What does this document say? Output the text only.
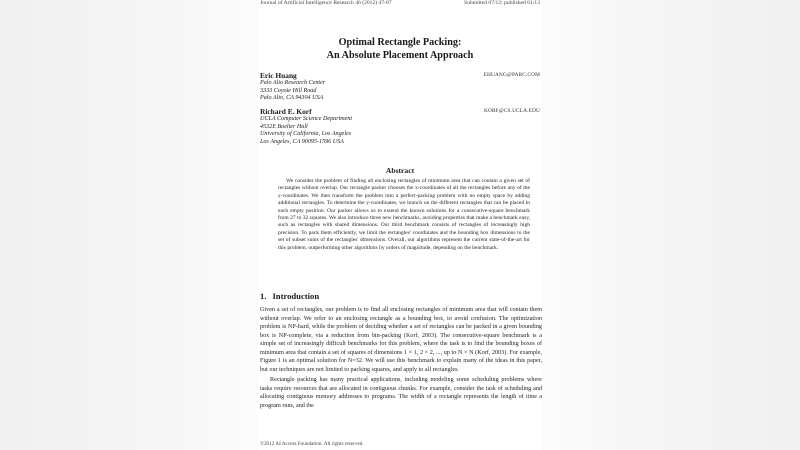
Journal of Artificial Intelligence Research 46 (2012) 47-87	Submitted 07/12; published 01/13
Optimal Rectangle Packing:
An Absolute Placement Approach
Eric Huang	EHUANG@PARC.COM
Palo Alto Research Center
3333 Coyote Hill Road
Palo Alto, CA 94304 USA
Richard E. Korf	KORF@CS.UCLA.EDU
UCLA Computer Science Department
4532E Boelter Hall
University of California, Los Angeles
Los Angeles, CA 90095-1596 USA
Abstract
We consider the problem of finding all enclosing rectangles of minimum area that can contain a given set of rectangles without overlap. Our rectangle packer chooses the x-coordinates of all the rectangles before any of the y-coordinates. We then transform the problem into a perfect-packing problem with no empty space by adding additional rectangles. To determine the y-coordinates, we branch on the different rectangles that can be placed in each empty position. Our packer allows us to extend the known solutions for a consecutive-square benchmark from 27 to 32 squares. We also introduce three new benchmarks, avoiding properties that make a benchmark easy, such as rectangles with shared dimensions. Our third benchmark consists of rectangles of increasingly high precision. To pack them efficiently, we limit the rectangles' coordinates and the bounding box dimensions to the set of subset sums of the rectangles' dimensions. Overall, our algorithms represent the current state-of-the-art for this problem, outperforming other algorithms by orders of magnitude, depending on the benchmark.
1. Introduction

Given a set of rectangles, our problem is to find all enclosing rectangles of minimum area that will contain them without overlap. We refer to an enclosing rectangle as a bounding box, to avoid confusion. The optimization problem is NP-hard, while the problem of deciding whether a set of rectangles can be packed in a given bounding box is NP-complete, via a reduction from bin-packing (Korf, 2003). The consecutive-square benchmark is a simple set of increasingly difficult benchmarks for this problem, where the task is to find the bounding boxes of minimum area that contain a set of squares of dimensions 1 × 1, 2 × 2, ..., up to N × N (Korf, 2003). For example, Figure 1 is an optimal solution for N=32. We will use this benchmark to explain many of the ideas in this paper, but our techniques are not limited to packing squares, and apply to all rectangles.

Rectangle packing has many practical applications, including modeling some scheduling problems where tasks require resources that are allocated in contiguous chunks. For example, consider the task of scheduling and allocating contiguous memory addresses to programs. The width of a rectangle represents the length of time a program runs, and the

©2012 AI Access Foundation. All rights reserved.
